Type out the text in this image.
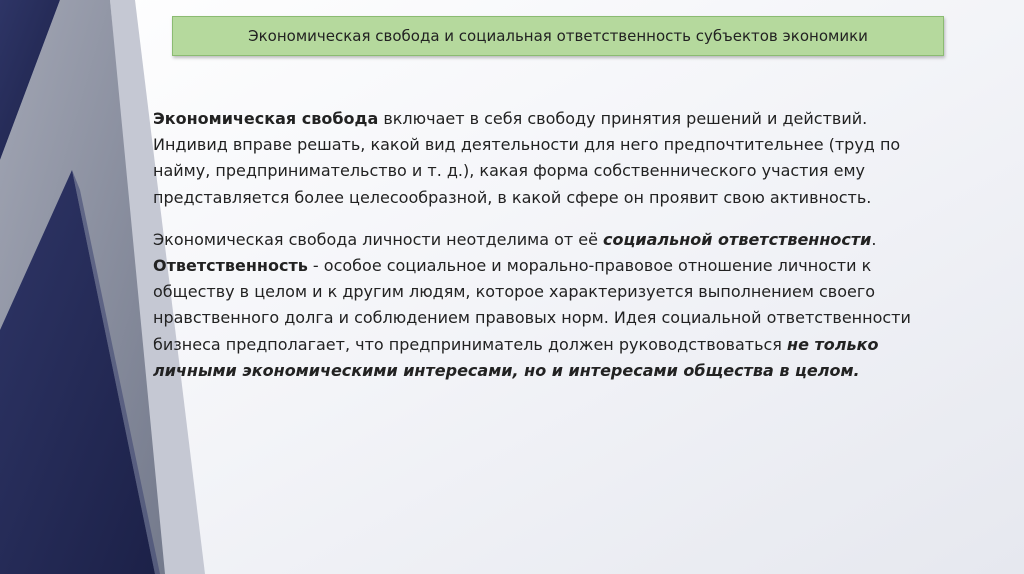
Экономическая свобода и социальная ответственность субъектов экономики

Экономическая свобода включает в себя свободу принятия решений и действий. Индивид вправе решать, какой вид деятельности для него предпочтительнее (труд по найму, предпринимательство и т. д.), какая форма собственнического участия ему представляется более целесообразной, в какой сфере он проявит свою активность.

Экономическая свобода личности неотделима от её социальной ответственности.
Ответственность - особое социальное и морально-правовое отношение личности к обществу в целом и к другим людям, которое характеризуется выполнением своего нравственного долга и соблюдением правовых норм. Идея социальной ответственности бизнеса предполагает, что предприниматель должен руководствоваться не только личными экономическими интересами, но и интересами общества в целом.
